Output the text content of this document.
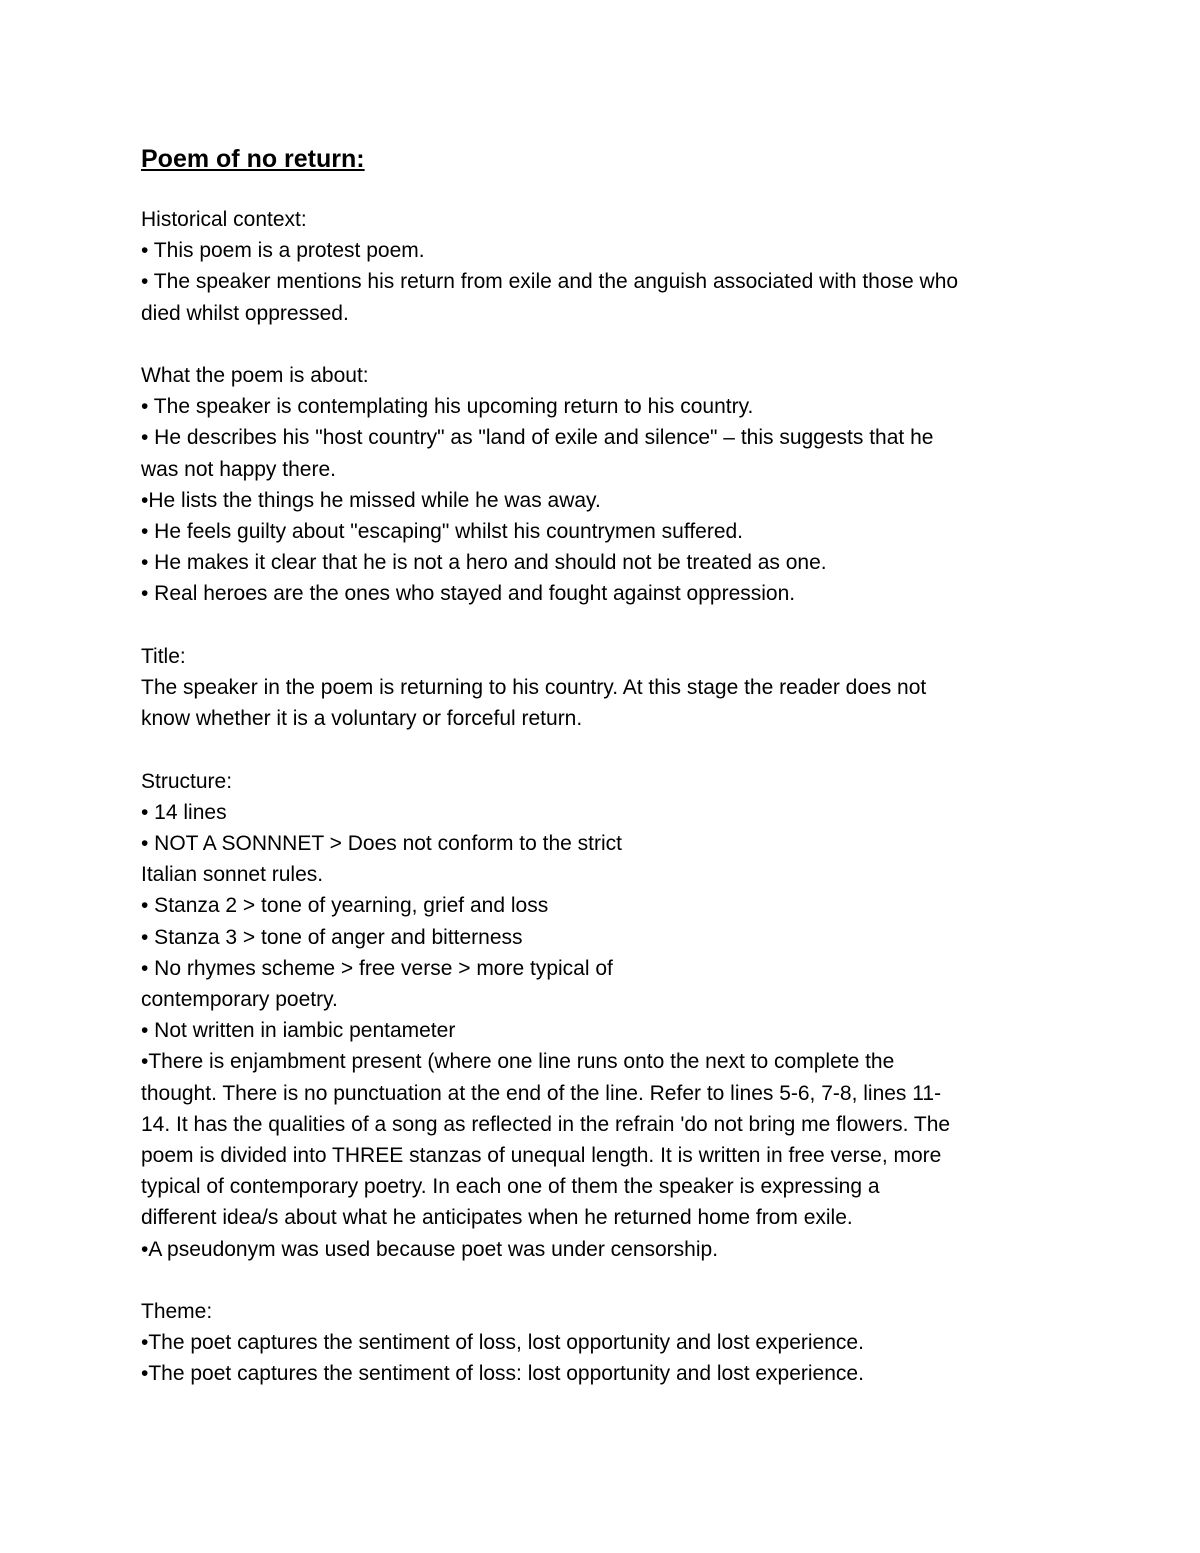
Poem of no return:
Historical context:
• This poem is a protest poem.
• The speaker mentions his return from exile and the anguish associated with those who
died whilst oppressed.
What the poem is about:
• The speaker is contemplating his upcoming return to his country.
• He describes his "host country" as "land of exile and silence" – this suggests that he
was not happy there.
•He lists the things he missed while he was away.
• He feels guilty about "escaping" whilst his countrymen suffered.
• He makes it clear that he is not a hero and should not be treated as one.
• Real heroes are the ones who stayed and fought against oppression.
Title:
The speaker in the poem is returning to his country. At this stage the reader does not
know whether it is a voluntary or forceful return.
Structure:
• 14 lines
• NOT A SONNNET > Does not conform to the strict
Italian sonnet rules.
• Stanza 2 > tone of yearning, grief and loss
• Stanza 3 > tone of anger and bitterness
• No rhymes scheme > free verse > more typical of
contemporary poetry.
• Not written in iambic pentameter
•There is enjambment present (where one line runs onto the next to complete the
thought. There is no punctuation at the end of the line. Refer to lines 5-6, 7-8, lines 11-
14. It has the qualities of a song as reflected in the refrain 'do not bring me flowers. The
poem is divided into THREE stanzas of unequal length. It is written in free verse, more
typical of contemporary poetry. In each one of them the speaker is expressing a
different idea/s about what he anticipates when he returned home from exile.
•A pseudonym was used because poet was under censorship.
Theme:
•The poet captures the sentiment of loss, lost opportunity and lost experience.
•The poet captures the sentiment of loss: lost opportunity and lost experience.
